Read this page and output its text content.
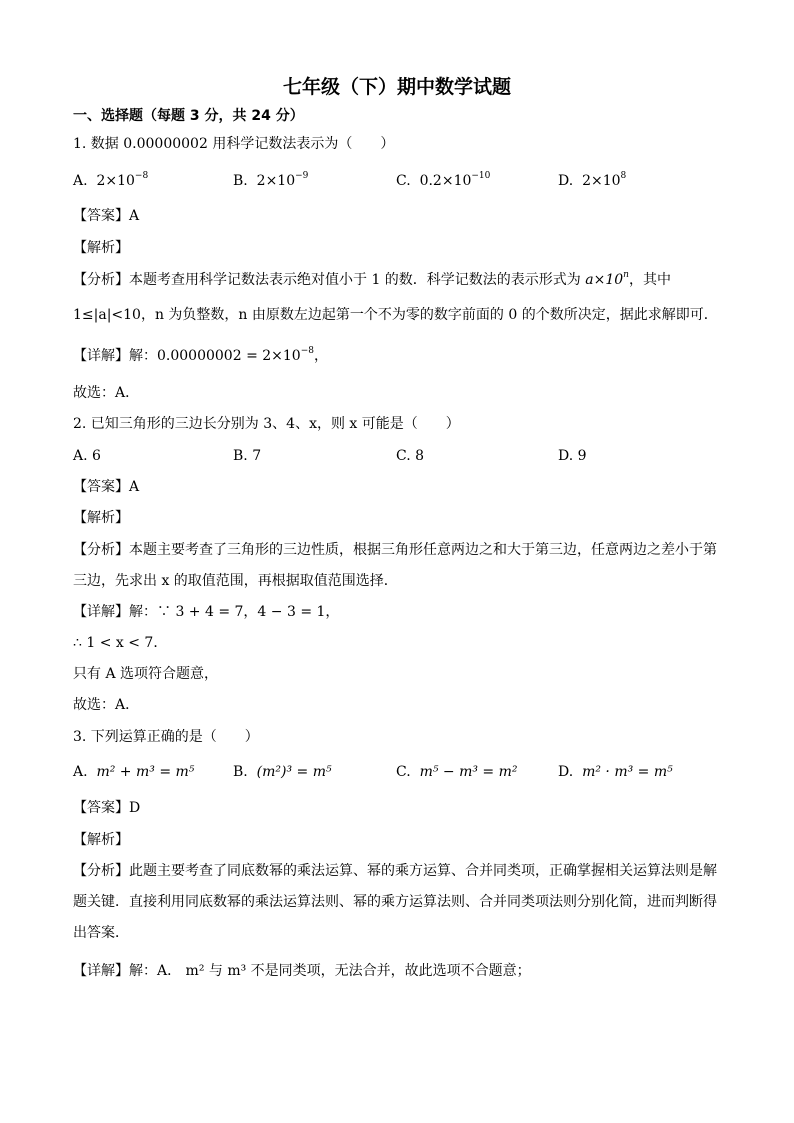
七年级（下）期中数学试题
一、选择题（每题 3 分，共 24 分）
1. 数据 0.00000002 用科学记数法表示为（　　）
A. $2\times 10^{-8}$	B. $2\times 10^{-9}$	C. $0.2\times 10^{-10}$	D. $2\times 10^8$
【答案】A
【解析】
【分析】本题考查用科学记数法表示绝对值小于 1 的数．科学记数法的表示形式为 $a\times 10^n$，其中
1≤|a|<10，n 为负整数，n 由原数左边起第一个不为零的数字前面的 0 的个数所决定，据此求解即可．
【详解】解：$0.00000002 = 2\times 10^{-8}$，
故选：A．
2. 已知三角形的三边长分别为 3、4、x，则 x 可能是（　　）
A. 6	B. 7	C. 8	D. 9
【答案】A
【解析】
【分析】本题主要考查了三角形的三边性质，根据三角形任意两边之和大于第三边，任意两边之差小于第
三边，先求出 x 的取值范围，再根据取值范围选择．
【详解】解：∵ 3 + 4 = 7，4 − 3 = 1，
∴ 1 < x < 7．
只有 A 选项符合题意，
故选：A．
3. 下列运算正确的是（　　）
A. m² + m³ = m⁵	B. (m²)³ = m⁵	C. m⁵ − m³ = m²	D. m² · m³ = m⁵
【答案】D
【解析】
【分析】此题主要考查了同底数幂的乘法运算、幂的乘方运算、合并同类项，正确掌握相关运算法则是解
题关键．直接利用同底数幂的乘法运算法则、幂的乘方运算法则、合并同类项法则分别化简，进而判断得
出答案．
【详解】解：A． m² 与 m³ 不是同类项，无法合并，故此选项不合题意；
